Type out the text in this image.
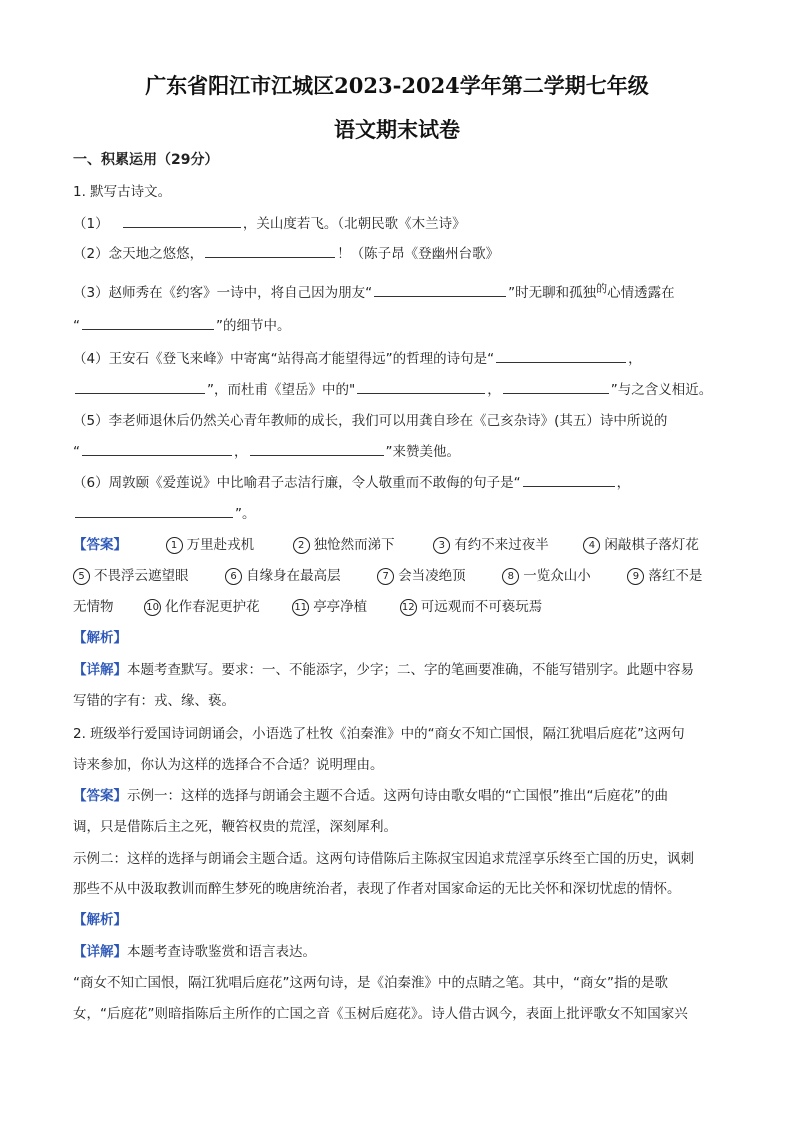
广东省阳江市江城区2023-2024学年第二学期七年级
语文期末试卷
一、积累运用（29分）
1. 默写古诗文。
（1）	，关山度若飞。（北朝民歌《木兰诗》
（2）念天地之悠悠，	！（陈子昂《登幽州台歌》
（3）赵师秀在《约客》一诗中，将自己因为朋友“	”时无聊和孤独$^的$心情透露在
“	”的细节中。
（4）王安石《登飞来峰》中寄寓“站得高才能望得远”的哲理的诗句是“	，
”，而杜甫《望岳》中的"	，	”与之含义相近。
（5）李老师退休后仍然关心青年教师的成长，我们可以用龚自珍在《己亥杂诗》(其五）诗中所说的
“	，	”来赞美他。
（6）周敦颐《爱莲说》中比喻君子志洁行廉，令人敬重而不敢侮的句子是“	，
”。
【答案】	1 万里赴戎机	2 独怆然而涕下	3 有约不来过夜半	4 闲敲棋子落灯花
5 不畏浮云遮望眼	6 自缘身在最高层	7 会当凌绝顶	8 一览众山小	9 落红不是
无情物	10 化作春泥更护花	11 亭亭净植	12 可远观而不可亵玩焉
【解析】
【详解】本题考查默写。要求：一、不能添字，少字；二、字的笔画要准确，不能写错别字。此题中容易
写错的字有：戎、缘、亵。
2. 班级举行爱国诗词朗诵会，小语选了杜牧《泊秦淮》中的“商女不知亡国恨，隔江犹唱后庭花”这两句
诗来参加，你认为这样的选择合不合适？说明理由。
【答案】示例一：这样的选择与朗诵会主题不合适。这两句诗由歌女唱的“亡国恨”推出“后庭花”的曲
调，只是借陈后主之死，鞭笞权贵的荒淫，深刻犀利。
示例二：这样的选择与朗诵会主题合适。这两句诗借陈后主陈叔宝因追求荒淫享乐终至亡国的历史，讽刺
那些不从中汲取教训而醉生梦死的晚唐统治者，表现了作者对国家命运的无比关怀和深切忧虑的情怀。
【解析】
【详解】本题考查诗歌鉴赏和语言表达。
“商女不知亡国恨，隔江犹唱后庭花”这两句诗，是《泊秦淮》中的点睛之笔。其中，“商女”指的是歌
女，“后庭花”则暗指陈后主所作的亡国之音《玉树后庭花》。诗人借古讽今，表面上批评歌女不知国家兴
